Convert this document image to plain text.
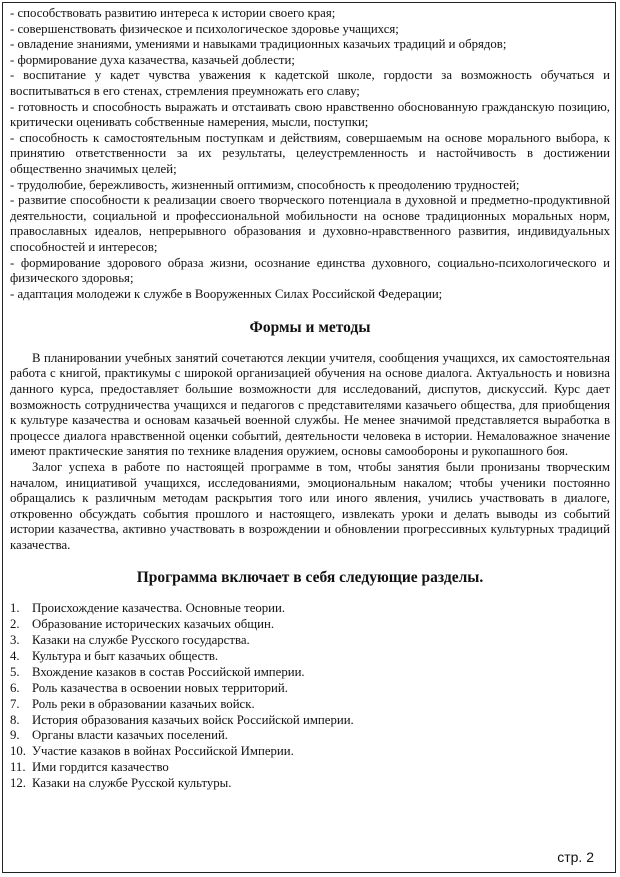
- способствовать развитию интереса к истории своего края;
- совершенствовать физическое и психологическое здоровье учащихся;
- овладение знаниями, умениями и навыками традиционных казачьих традиций и обрядов;
- формирование духа казачества, казачьей доблести;
- воспитание у кадет чувства уважения к кадетской школе, гордости за возможность обучаться и воспитываться в его стенах, стремления преумножать его славу;
- готовность и способность выражать и отстаивать свою нравственно обоснованную гражданскую позицию, критически оценивать собственные намерения, мысли, поступки;
- способность к самостоятельным поступкам и действиям, совершаемым на основе морального выбора, к принятию ответственности за их результаты, целеустремленность и настойчивость в достижении общественно значимых целей;
- трудолюбие, бережливость, жизненный оптимизм, способность к преодолению трудностей;
- развитие способности к реализации своего творческого потенциала в духовной и предметно-продуктивной деятельности, социальной и профессиональной мобильности на основе традиционных моральных норм, православных идеалов, непрерывного образования и духовно-нравственного развития, индивидуальных способностей и интересов;
- формирование здорового образа жизни, осознание единства духовного, социально-психологического и физического здоровья;
- адаптация молодежи к службе в Вооруженных Силах Российской Федерации;
Формы и методы

В планировании учебных занятий сочетаются лекции учителя, сообщения учащихся, их самостоятельная работа с книгой, практикумы с широкой организацией обучения на основе диалога. Актуальность и новизна данного курса, предоставляет большие возможности для исследований, диспутов, дискуссий. Курс дает возможность сотрудничества учащихся и педагогов с представителями казачьего общества, для приобщения к культуре казачества и основам казачьей военной службы. Не менее значимой представляется выработка в процессе диалога нравственной оценки событий, деятельности человека в истории. Немаловажное значение имеют практические занятия по технике владения оружием, основы самообороны и рукопашного боя.

Залог успеха в работе по настоящей программе в том, чтобы занятия были пронизаны творческим началом, инициативой учащихся, исследованиями, эмоциональным накалом; чтобы ученики постоянно обращались к различным методам раскрытия того или иного явления, учились участвовать в диалоге, откровенно обсуждать события прошлого и настоящего, извлекать уроки и делать выводы из событий истории казачества, активно участвовать в возрождении и обновлении прогрессивных культурных традиций казачества.

Программа включает в себя следующие разделы.
1. Происхождение казачества. Основные теории.
2. Образование исторических казачьих общин.
3. Казаки на службе Русского государства.
4. Культура и быт казачьих обществ.
5. Вхождение казаков в состав Российской империи.
6. Роль казачества в освоении новых территорий.
7. Роль реки в образовании казачьих войск.
8. История образования казачьих войск Российской империи.
9. Органы власти казачьих поселений.
10. Участие казаков в войнах Российской Империи.
11. Ими гордится казачество
12. Казаки на службе Русской культуры.
стр. 2
